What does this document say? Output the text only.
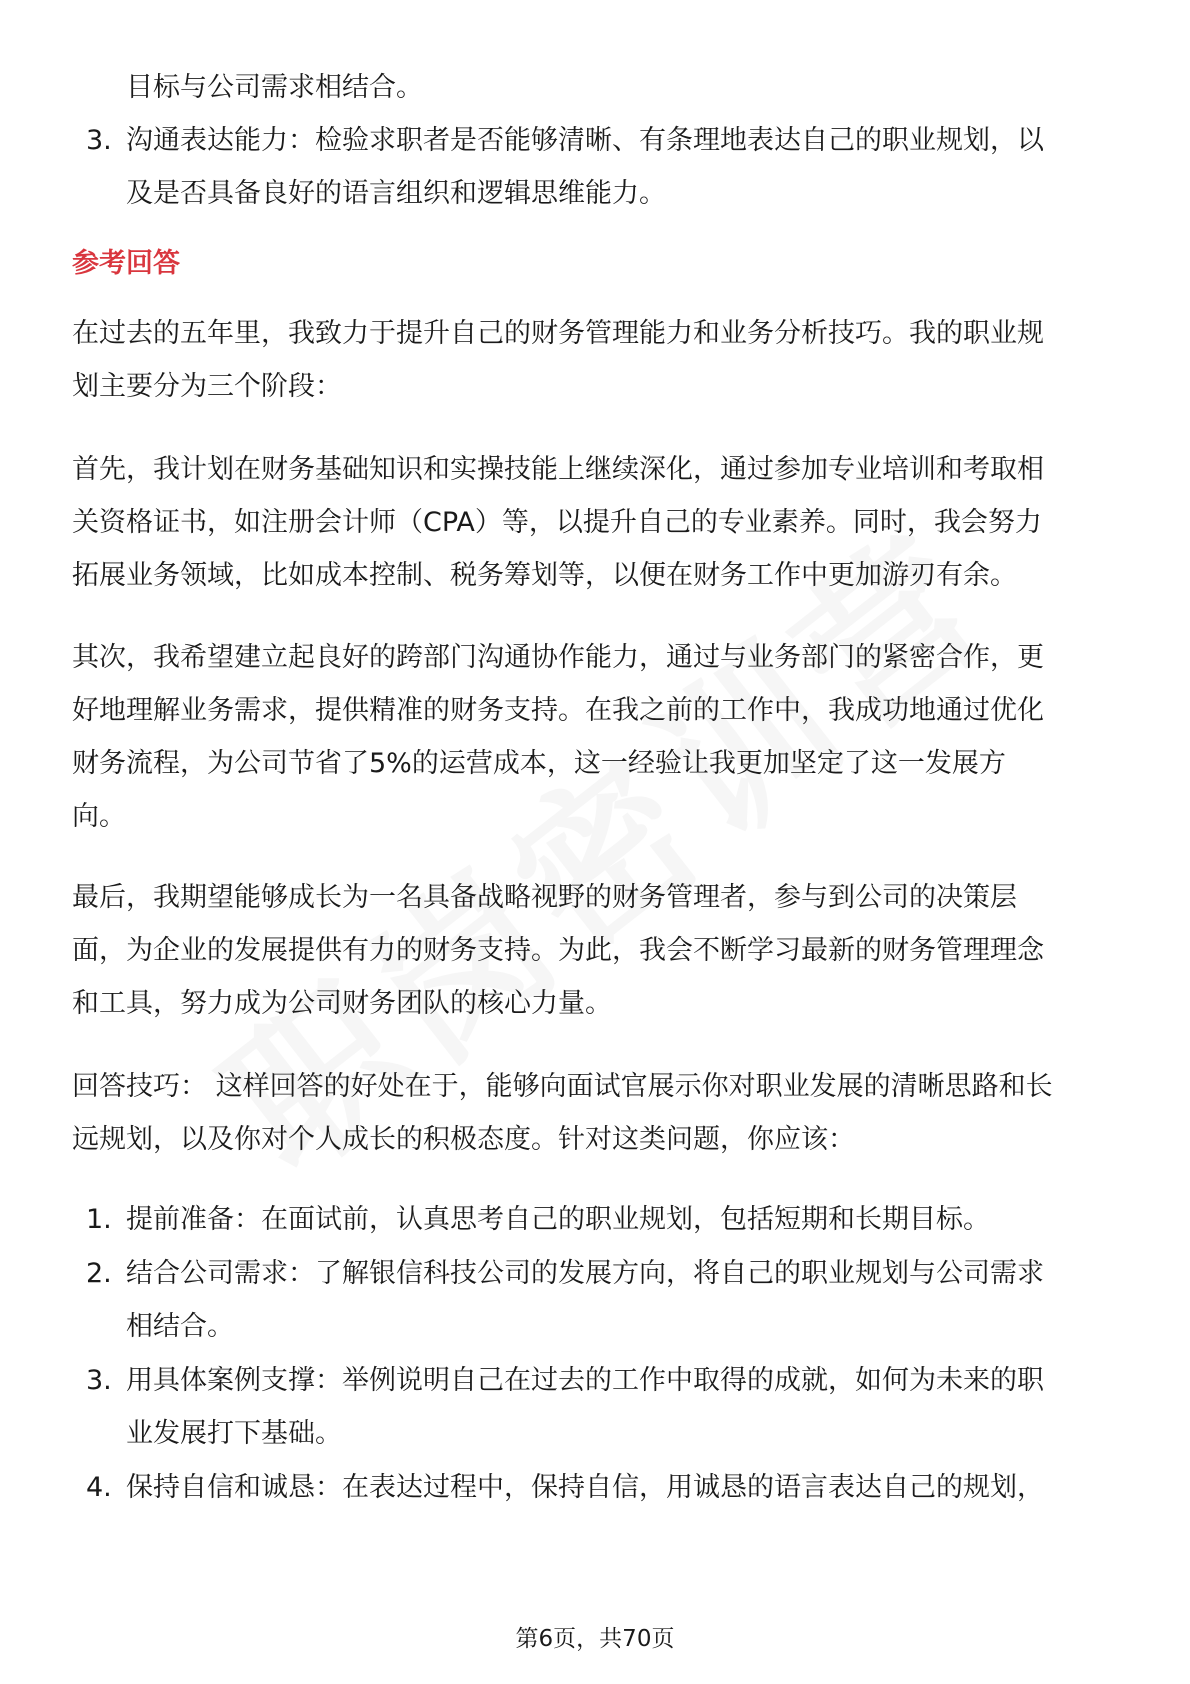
目标与公司需求相结合。
3. 沟通表达能力：检验求职者是否能够清晰、有条理地表达自己的职业规划，以
及是否具备良好的语言组织和逻辑思维能力。
参考回答
在过去的五年里，我致力于提升自己的财务管理能力和业务分析技巧。我的职业规
划主要分为三个阶段：
首先，我计划在财务基础知识和实操技能上继续深化，通过参加专业培训和考取相
关资格证书，如注册会计师（CPA）等，以提升自己的专业素养。同时，我会努力
拓展业务领域，比如成本控制、税务筹划等，以便在财务工作中更加游刃有余。
其次，我希望建立起良好的跨部门沟通协作能力，通过与业务部门的紧密合作，更
好地理解业务需求，提供精准的财务支持。在我之前的工作中，我成功地通过优化
财务流程，为公司节省了5%的运营成本，这一经验让我更加坚定了这一发展方
向。
最后，我期望能够成长为一名具备战略视野的财务管理者，参与到公司的决策层
面，为企业的发展提供有力的财务支持。为此，我会不断学习最新的财务管理理念
和工具，努力成为公司财务团队的核心力量。
回答技巧： 这样回答的好处在于，能够向面试官展示你对职业发展的清晰思路和长
远规划，以及你对个人成长的积极态度。针对这类问题，你应该：
1. 提前准备：在面试前，认真思考自己的职业规划，包括短期和长期目标。
2. 结合公司需求：了解银信科技公司的发展方向，将自己的职业规划与公司需求
相结合。
3. 用具体案例支撑：举例说明自己在过去的工作中取得的成就，如何为未来的职
业发展打下基础。
4. 保持自信和诚恳：在表达过程中，保持自信，用诚恳的语言表达自己的规划，
第6页，共70页
